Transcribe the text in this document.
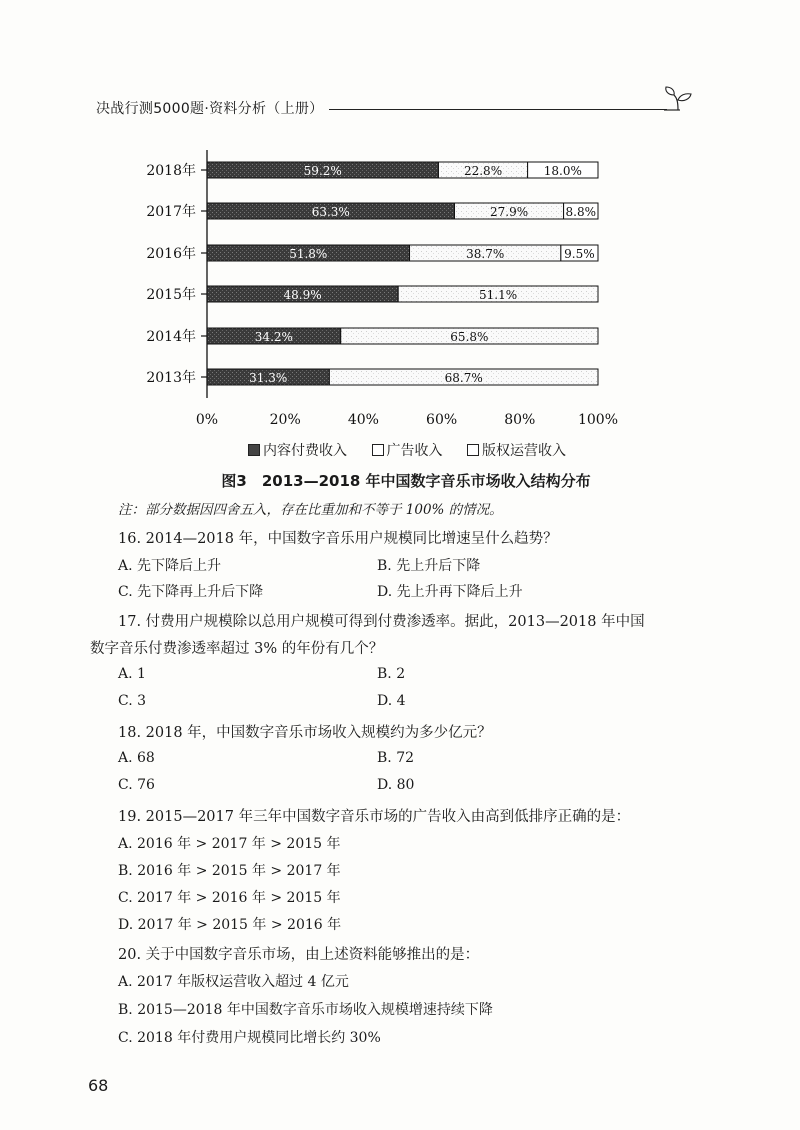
决战行测5000题·资料分析（上册）
2018年	59.2%	22.8%	18.0%
2017年	63.3%	27.9%	8.8%
2016年	51.8%	38.7%	9.5%
2015年	48.9%	51.1%
2014年	34.2%	65.8%
2013年	31.3%	68.7%
0%	20%	40%	60%	80%	100%
内容付费收入	广告收入	版权运营收入
图3　2013—2018 年中国数字音乐市场收入结构分布
注：部分数据因四舍五入，存在比重加和不等于 100% 的情况。
16. 2014—2018 年，中国数字音乐用户规模同比增速呈什么趋势？
A. 先下降后上升	B. 先上升后下降
C. 先下降再上升后下降	D. 先上升再下降后上升
17. 付费用户规模除以总用户规模可得到付费渗透率。据此，2013—2018 年中国
数字音乐付费渗透率超过 3% 的年份有几个？
A. 1	B. 2
C. 3	D. 4
18. 2018 年，中国数字音乐市场收入规模约为多少亿元？
A. 68	B. 72
C. 76	D. 80
19. 2015—2017 年三年中国数字音乐市场的广告收入由高到低排序正确的是：
A. 2016 年 > 2017 年 > 2015 年
B. 2016 年 > 2015 年 > 2017 年
C. 2017 年 > 2016 年 > 2015 年
D. 2017 年 > 2015 年 > 2016 年
20. 关于中国数字音乐市场，由上述资料能够推出的是：
A. 2017 年版权运营收入超过 4 亿元
B. 2015—2018 年中国数字音乐市场收入规模增速持续下降
C. 2018 年付费用户规模同比增长约 30%
68
